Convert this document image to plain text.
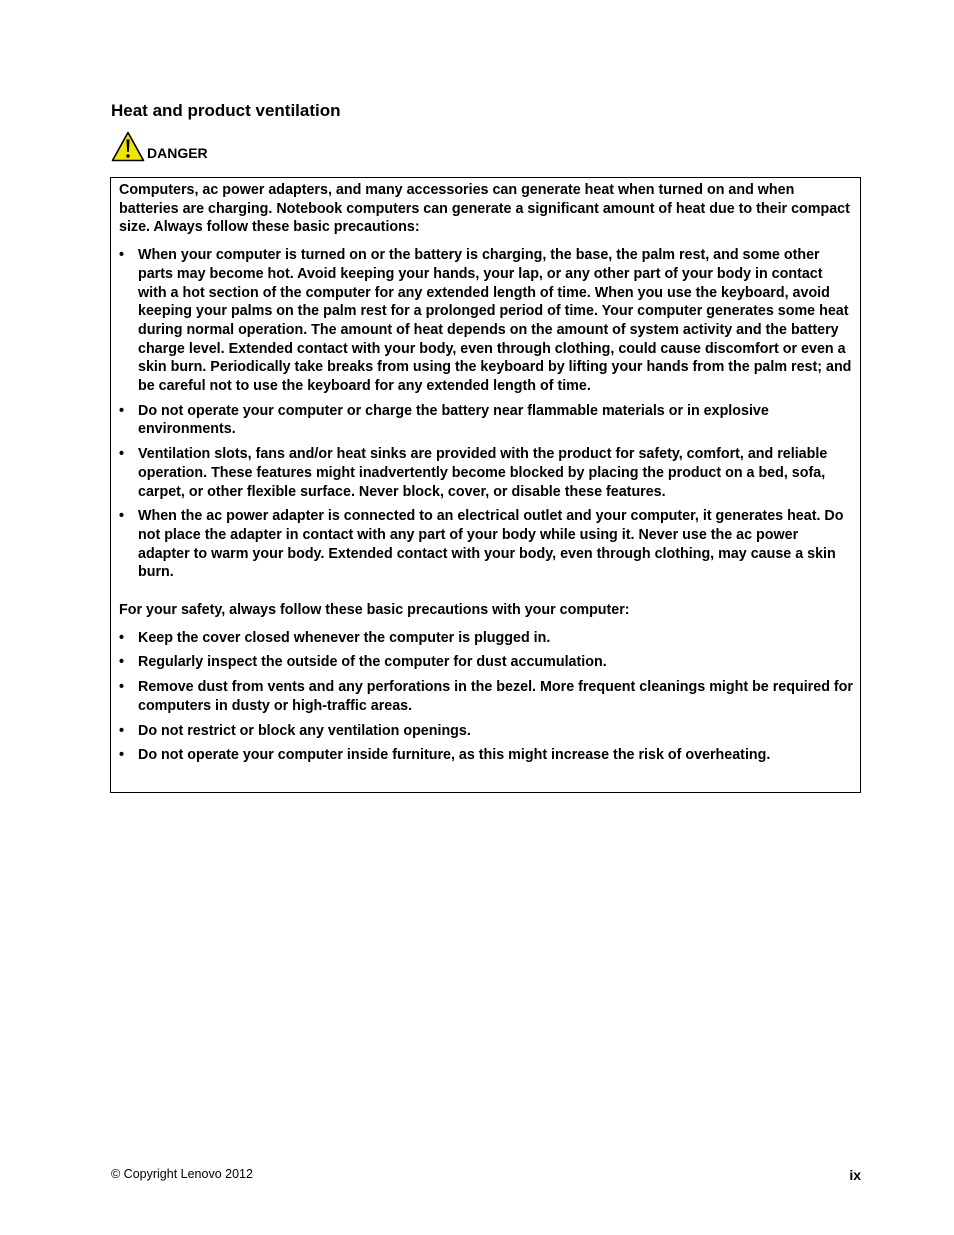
Heat and product ventilation
DANGER

Computers, ac power adapters, and many accessories can generate heat when turned on and when batteries are charging. Notebook computers can generate a significant amount of heat due to their compact size. Always follow these basic precautions:

• When your computer is turned on or the battery is charging, the base, the palm rest, and some other parts may become hot. Avoid keeping your hands, your lap, or any other part of your body in contact with a hot section of the computer for any extended length of time. When you use the keyboard, avoid keeping your palms on the palm rest for a prolonged period of time. Your computer generates some heat during normal operation. The amount of heat depends on the amount of system activity and the battery charge level. Extended contact with your body, even through clothing, could cause discomfort or even a skin burn. Periodically take breaks from using the keyboard by lifting your hands from the palm rest; and be careful not to use the keyboard for any extended length of time.
• Do not operate your computer or charge the battery near flammable materials or in explosive environments.
• Ventilation slots, fans and/or heat sinks are provided with the product for safety, comfort, and reliable operation. These features might inadvertently become blocked by placing the product on a bed, sofa, carpet, or other flexible surface. Never block, cover, or disable these features.
• When the ac power adapter is connected to an electrical outlet and your computer, it generates heat. Do not place the adapter in contact with any part of your body while using it. Never use the ac power adapter to warm your body. Extended contact with your body, even through clothing, may cause a skin burn.

For your safety, always follow these basic precautions with your computer:

• Keep the cover closed whenever the computer is plugged in.
• Regularly inspect the outside of the computer for dust accumulation.
• Remove dust from vents and any perforations in the bezel. More frequent cleanings might be required for computers in dusty or high-traffic areas.
• Do not restrict or block any ventilation openings.
• Do not operate your computer inside furniture, as this might increase the risk of overheating.
© Copyright Lenovo 2012	ix
